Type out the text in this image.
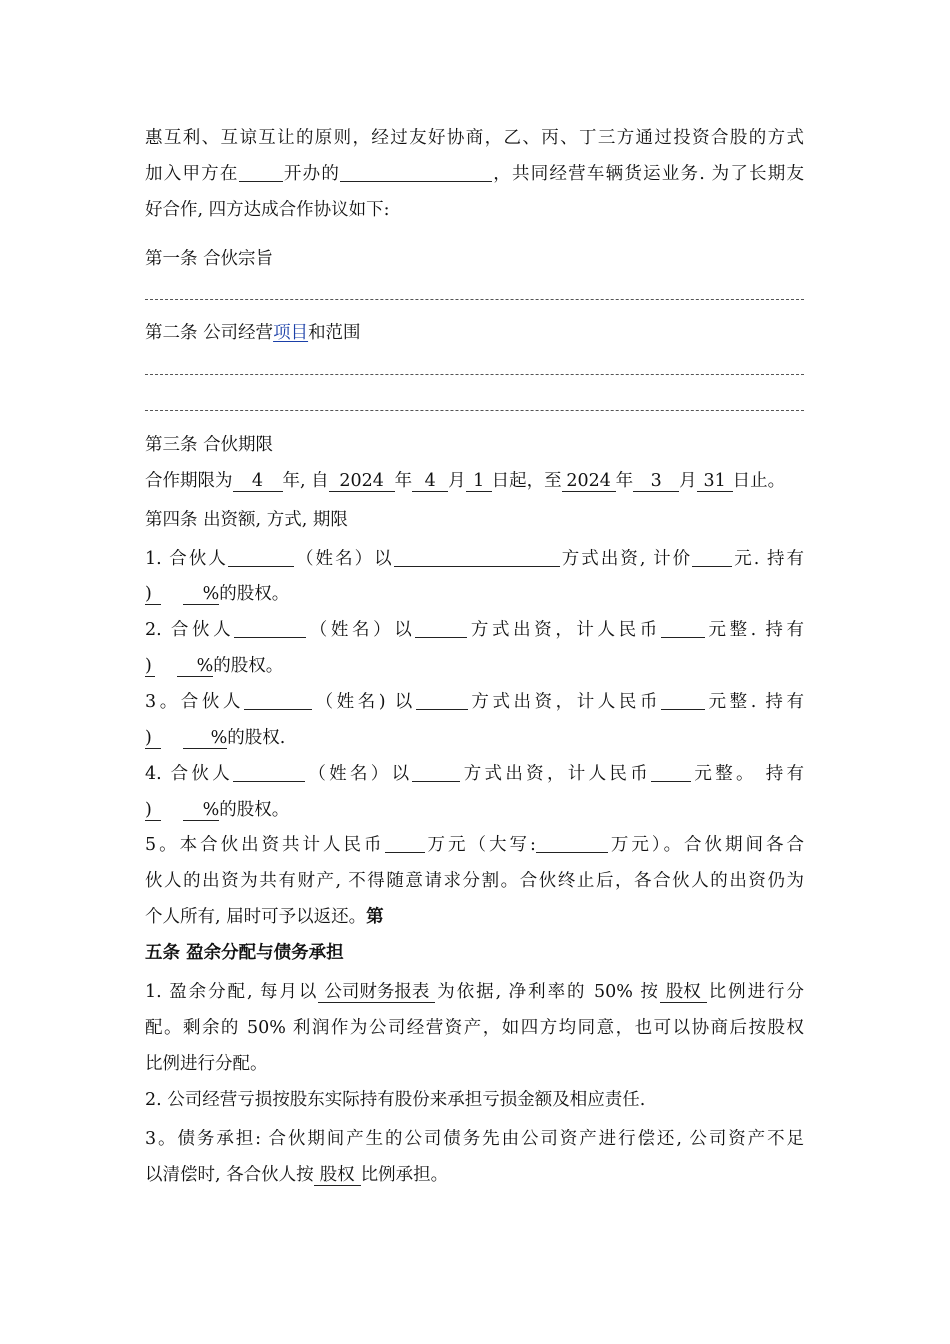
惠互利、互谅互让的原则，经过友好协商，乙、丙、丁三方通过投资合股的方式
加入甲方在	开办的	，共同经营车辆货运业务. 为了长期友
好合作, 四方达成合作协议如下:
第一条 合伙宗旨
第二条 公司经营项目和范围
第三条 合伙期限
合作期限为 4 年, 自 2024 年 4 月 1 日起，至 2024 年 3 月 31 日止。
第四条 出资额, 方式, 期限
1. 合伙人	（姓名）以	方式出资, 计价 元. 持有
)	%的股权。
2. 合伙人	（姓名）以	方式出资，计人民币	元整. 持有
)	%的股权。
3。合伙人	（姓名) 以	方式出资，计人民币	元整. 持有
)	%的股权.
4. 合伙人	（姓名）以	方式出资，计人民币 元整。 持有
)	%的股权。
5。本合伙出资共计人民币 万元（大写:	万元）。合伙期间各合
伙人的出资为共有财产, 不得随意请求分割。合伙终止后，各合伙人的出资仍为
个人所有, 届时可予以返还。第
五条 盈余分配与债务承担
1. 盈余分配, 每月以 公司财务报表 为依据, 净利率的 50% 按 股权 比例进行分
配。剩余的 50% 利润作为公司经营资产，如四方均同意，也可以协商后按股权
比例进行分配。
2. 公司经营亏损按股东实际持有股份来承担亏损金额及相应责任.
3。债务承担: 合伙期间产生的公司债务先由公司资产进行偿还, 公司资产不足
以清偿时, 各合伙人按 股权 比例承担。
